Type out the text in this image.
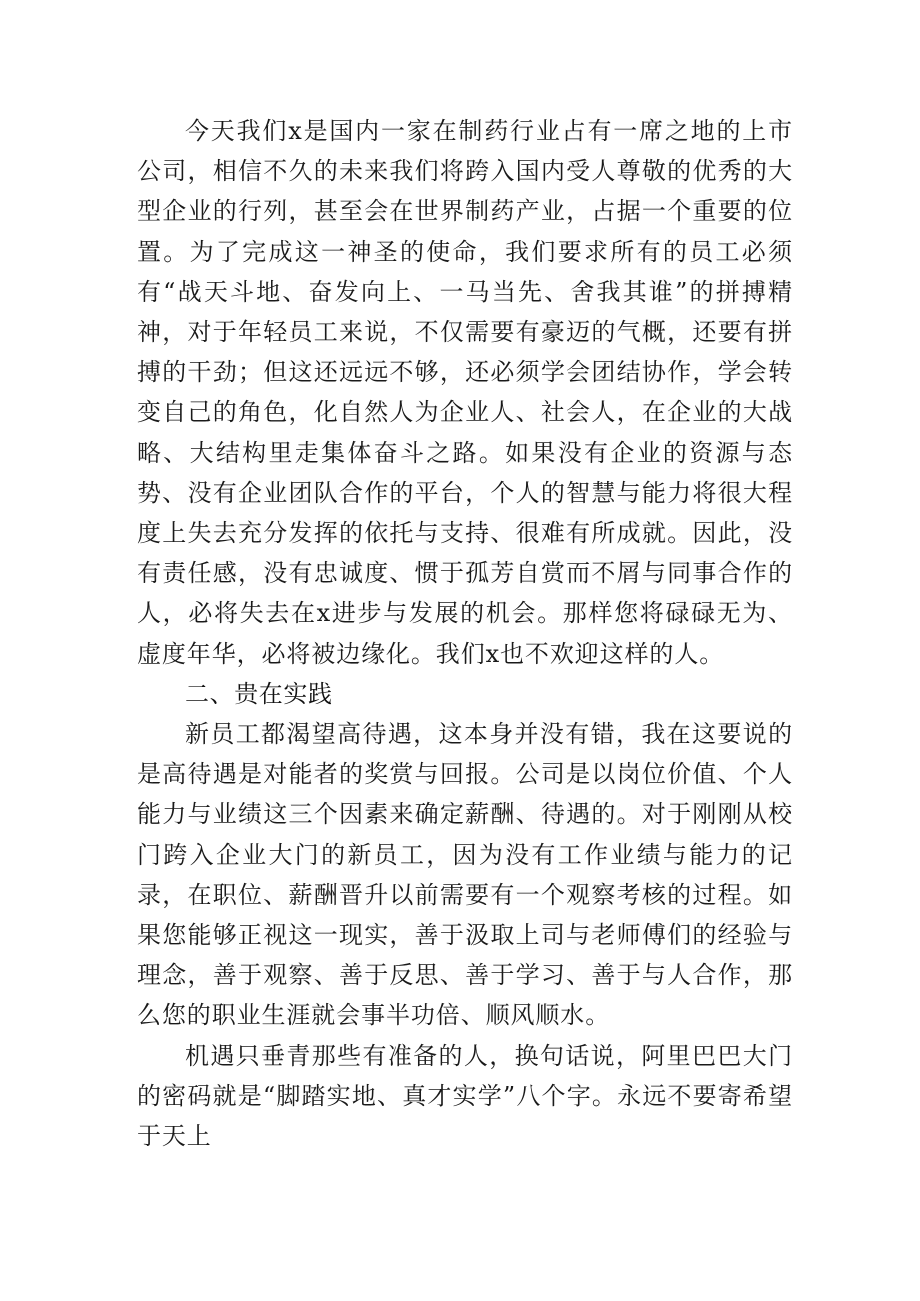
今天我们x是国内一家在制药行业占有一席之地的上市公司，相信不久的未来我们将跨入国内受人尊敬的优秀的大型企业的行列，甚至会在世界制药产业，占据一个重要的位置。为了完成这一神圣的使命，我们要求所有的员工必须有“战天斗地、奋发向上、一马当先、舍我其谁”的拼搏精神，对于年轻员工来说，不仅需要有豪迈的气概，还要有拼搏的干劲；但这还远远不够，还必须学会团结协作，学会转变自己的角色，化自然人为企业人、社会人，在企业的大战略、大结构里走集体奋斗之路。如果没有企业的资源与态势、没有企业团队合作的平台，个人的智慧与能力将很大程度上失去充分发挥的依托与支持、很难有所成就。因此，没有责任感，没有忠诚度、惯于孤芳自赏而不屑与同事合作的人，必将失去在x进步与发展的机会。那样您将碌碌无为、虚度年华，必将被边缘化。我们x也不欢迎这样的人。

二、贵在实践

新员工都渴望高待遇，这本身并没有错，我在这要说的是高待遇是对能者的奖赏与回报。公司是以岗位价值、个人能力与业绩这三个因素来确定薪酬、待遇的。对于刚刚从校门跨入企业大门的新员工，因为没有工作业绩与能力的记录，在职位、薪酬晋升以前需要有一个观察考核的过程。如果您能够正视这一现实，善于汲取上司与老师傅们的经验与理念，善于观察、善于反思、善于学习、善于与人合作，那么您的职业生涯就会事半功倍、顺风顺水。

机遇只垂青那些有准备的人，换句话说，阿里巴巴大门的密码就是“脚踏实地、真才实学”八个字。永远不要寄希望于天上
